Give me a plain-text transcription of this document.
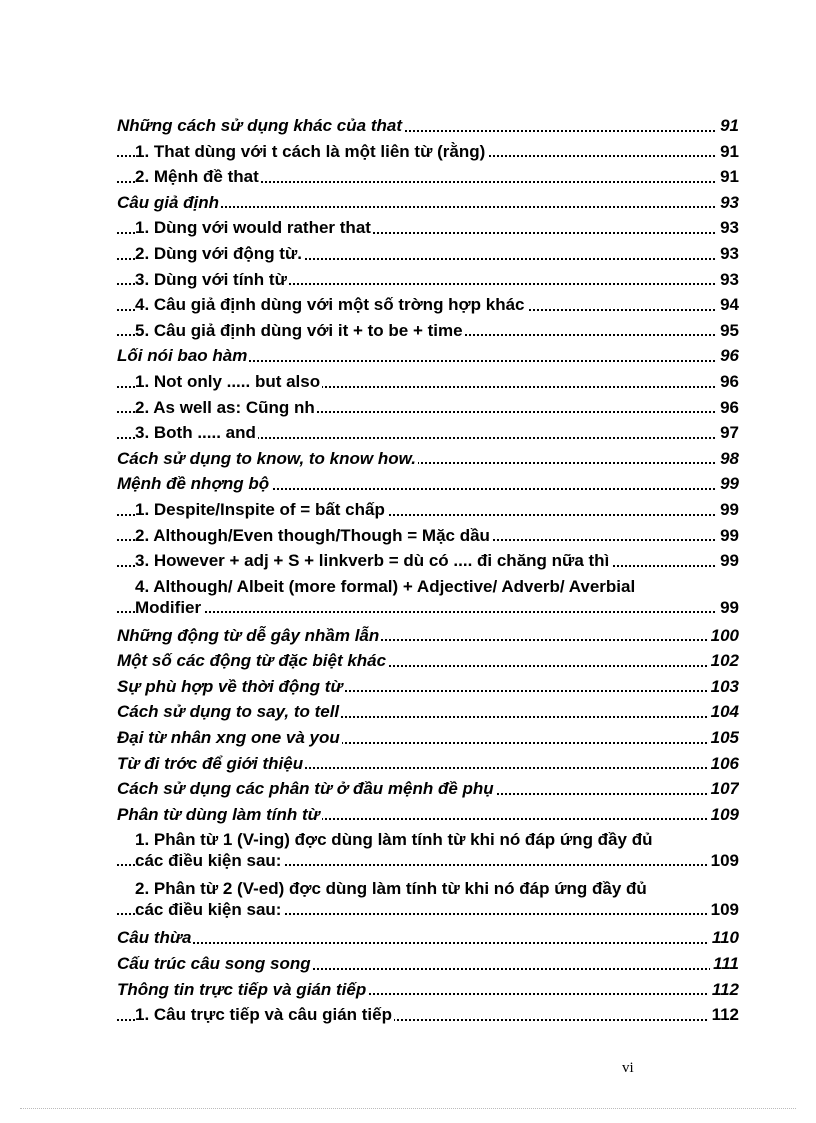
Những cách sử dụng khác của that	91
1. That dùng với t cách là một liên từ (rằng)	91
2. Mệnh đề that	91
Câu giả định	93
1. Dùng với would rather that	93
2. Dùng với động từ.	93
3. Dùng với tính từ	93
4. Câu giả định dùng với một số trờng hợp khác	94
5. Câu giả định dùng với it + to be + time	95
Lối nói bao hàm	96
1. Not only ..... but also	96
2. As well as: Cũng nh	96
3. Both ..... and	97
Cách sử dụng to know, to know how.	98
Mệnh đề nhợng bộ	99
1. Despite/Inspite of = bất chấp	99
2. Although/Even though/Though = Mặc dầu	99
3. However + adj + S + linkverb = dù có .... đi chăng nữa thì	99
4. Although/ Albeit (more formal) + Adjective/ Adverb/ Averbial
Modifier	99
Những động từ dễ gây nhầm lẫn	100
Một số các động từ đặc biệt khác	102
Sự phù hợp về thời động từ	103
Cách sử dụng to say, to tell	104
Đại từ nhân xng one và you	105
Từ đi trớc để giới thiệu	106
Cách sử dụng các phân từ ở đầu mệnh đề phụ	107
Phân từ dùng làm tính từ	109
1. Phân từ 1 (V-ing) đợc dùng làm tính từ khi nó đáp ứng đầy đủ
các điều kiện sau:	109
2. Phân từ 2 (V-ed) đợc dùng làm tính từ khi nó đáp ứng đầy đủ
các điều kiện sau:	109
Câu thừa	110
Cấu trúc câu song song	111
Thông tin trực tiếp và gián tiếp	112
1. Câu trực tiếp và câu gián tiếp	112
vi
